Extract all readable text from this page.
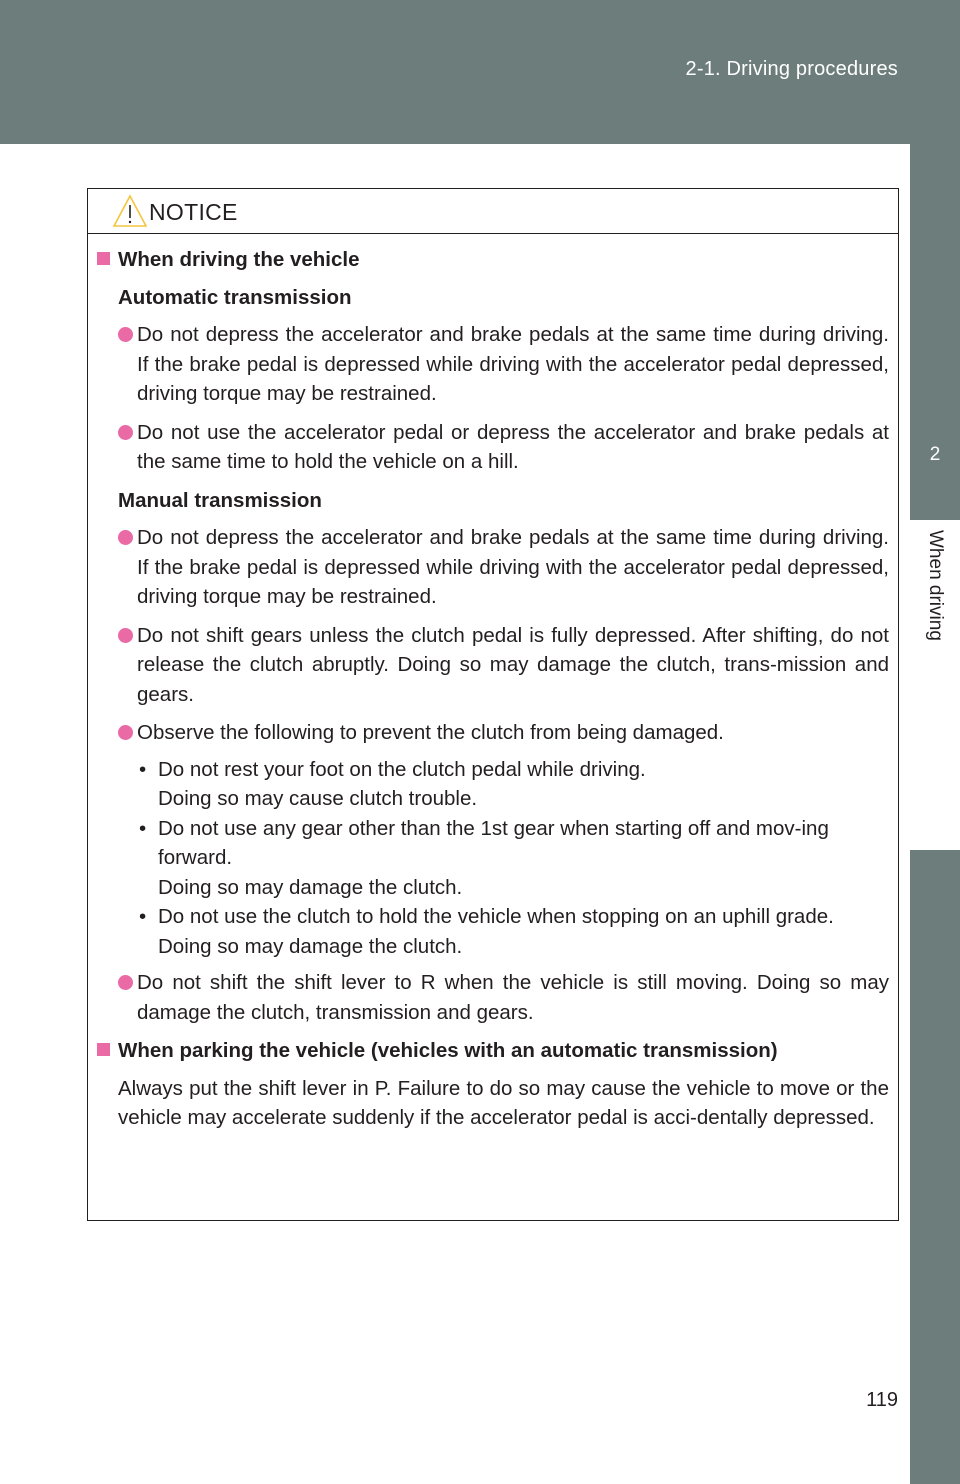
2-1. Driving procedures
2
When driving
NOTICE
When driving the vehicle
Automatic transmission
Do not depress the accelerator and brake pedals at the same time during driving. If the brake pedal is depressed while driving with the accelerator pedal depressed, driving torque may be restrained.
Do not use the accelerator pedal or depress the accelerator and brake pedals at the same time to hold the vehicle on a hill.
Manual transmission
Do not depress the accelerator and brake pedals at the same time during driving. If the brake pedal is depressed while driving with the accelerator pedal depressed, driving torque may be restrained.
Do not shift gears unless the clutch pedal is fully depressed. After shifting, do not release the clutch abruptly. Doing so may damage the clutch, trans-mission and gears.
Observe the following to prevent the clutch from being damaged.
• Do not rest your foot on the clutch pedal while driving.
Doing so may cause clutch trouble.
• Do not use any gear other than the 1st gear when starting off and mov-ing forward.
Doing so may damage the clutch.
• Do not use the clutch to hold the vehicle when stopping on an uphill grade.
Doing so may damage the clutch.
Do not shift the shift lever to R when the vehicle is still moving. Doing so may damage the clutch, transmission and gears.
When parking the vehicle (vehicles with an automatic transmission)
Always put the shift lever in P. Failure to do so may cause the vehicle to move or the vehicle may accelerate suddenly if the accelerator pedal is acci-dentally depressed.
119
